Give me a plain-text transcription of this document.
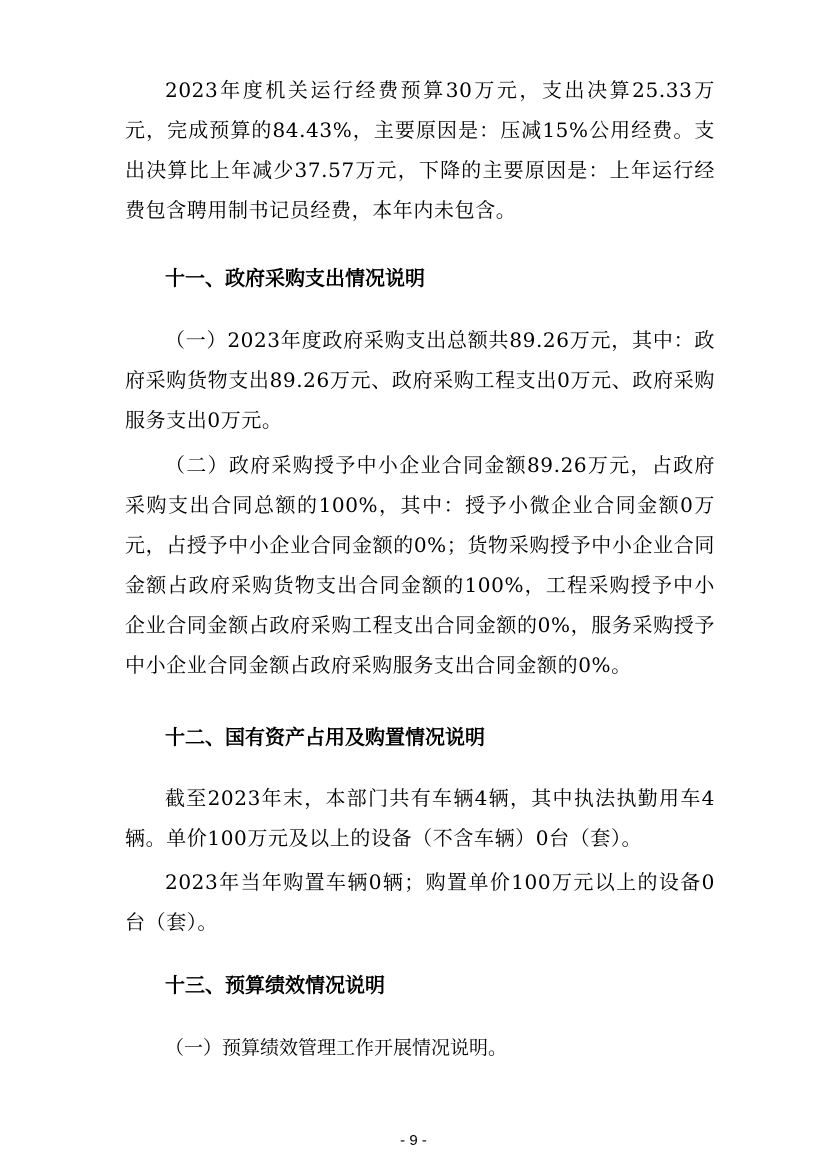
2023年度机关运行经费预算30万元，支出决算25.33万元，完成预算的84.43%，主要原因是：压减15%公用经费。支出决算比上年减少37.57万元，下降的主要原因是：上年运行经费包含聘用制书记员经费，本年内未包含。

十一、政府采购支出情况说明

（一）2023年度政府采购支出总额共89.26万元，其中：政府采购货物支出89.26万元、政府采购工程支出0万元、政府采购服务支出0万元。

（二）政府采购授予中小企业合同金额89.26万元，占政府采购支出合同总额的100%，其中：授予小微企业合同金额0万元，占授予中小企业合同金额的0%；货物采购授予中小企业合同金额占政府采购货物支出合同金额的100%，工程采购授予中小企业合同金额占政府采购工程支出合同金额的0%，服务采购授予中小企业合同金额占政府采购服务支出合同金额的0%。

十二、国有资产占用及购置情况说明

截至2023年末，本部门共有车辆4辆，其中执法执勤用车4辆。单价100万元及以上的设备（不含车辆）0台（套）。

2023年当年购置车辆0辆；购置单价100万元以上的设备0台（套）。

十三、预算绩效情况说明

（一）预算绩效管理工作开展情况说明。

- 9 -
